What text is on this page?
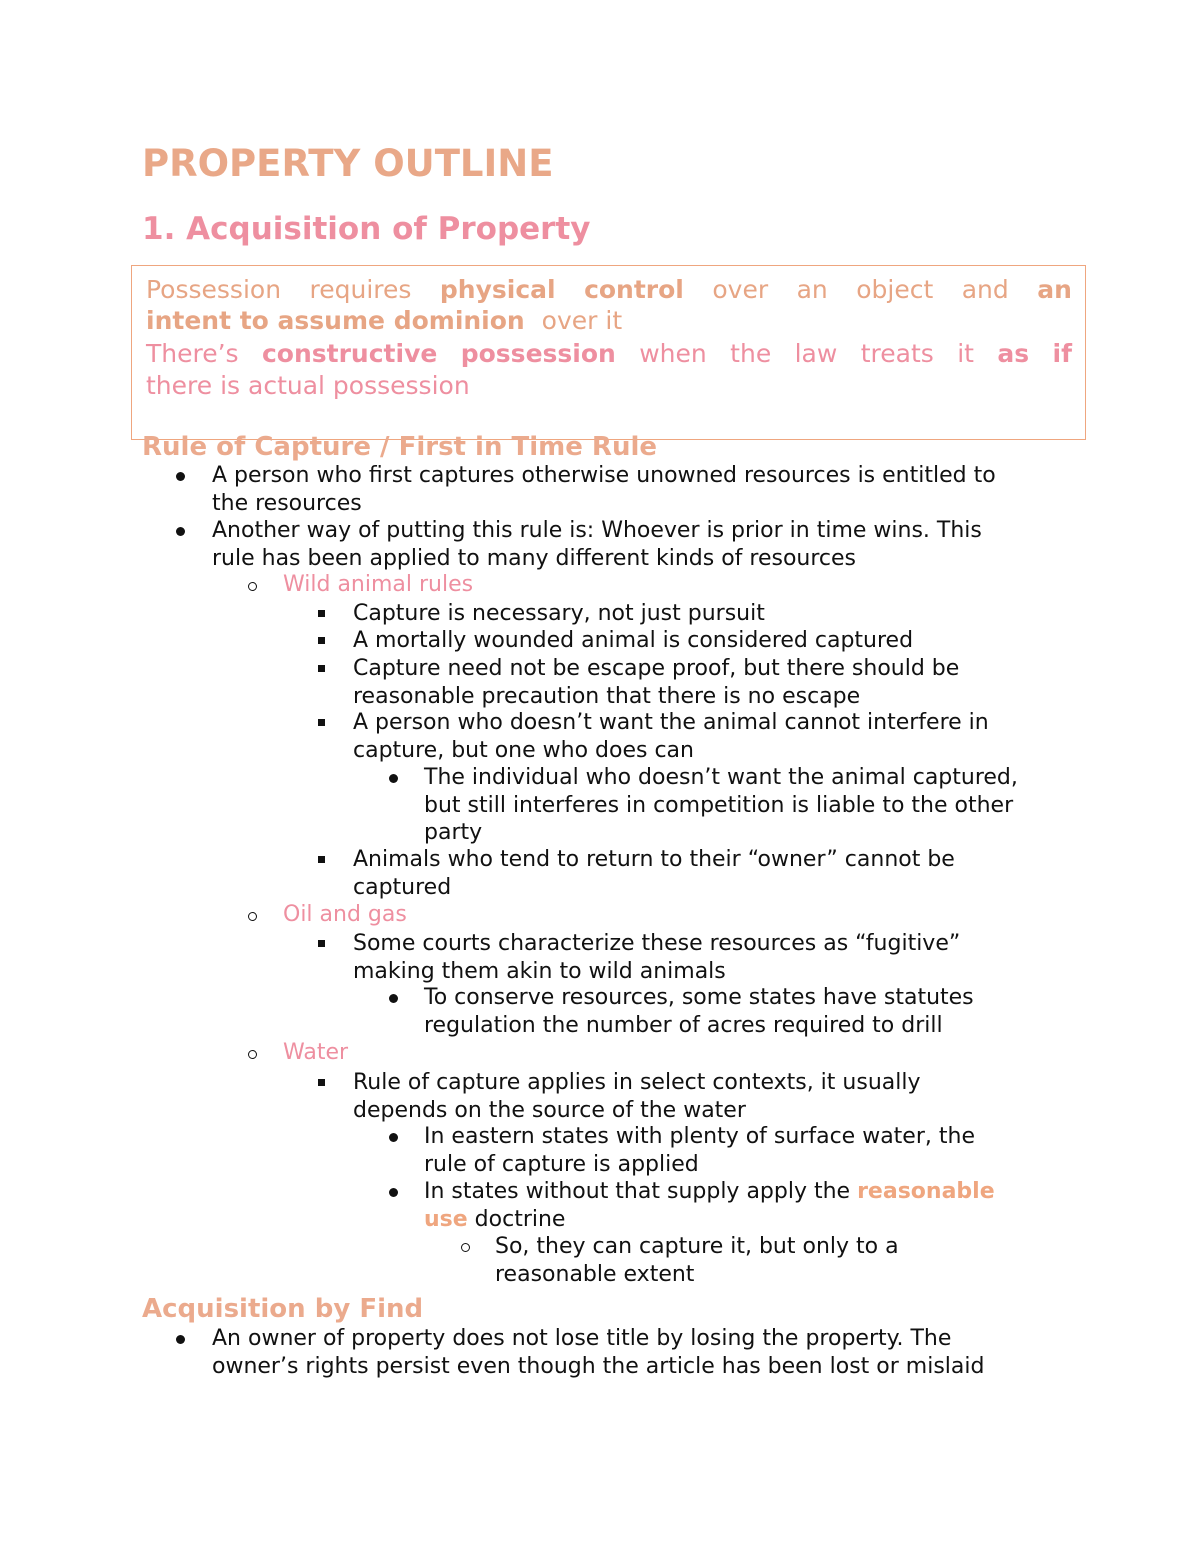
PROPERTY OUTLINE
1. Acquisition of Property

Possession requires physical control over an object and an

intent to assume dominion over it

There’s constructive possession when the law treats it as if

there is actual possession

Rule of Capture / First in Time Rule
A person who first captures otherwise unowned resources is entitled to
the resources
Another way of putting this rule is: Whoever is prior in time wins. This
rule has been applied to many different kinds of resources
Wild animal rules
Capture is necessary, not just pursuit
A mortally wounded animal is considered captured
Capture need not be escape proof, but there should be
reasonable precaution that there is no escape
A person who doesn’t want the animal cannot interfere in
capture, but one who does can
The individual who doesn’t want the animal captured,
but still interferes in competition is liable to the other
party
Animals who tend to return to their “owner” cannot be
captured
Oil and gas
Some courts characterize these resources as “fugitive”
making them akin to wild animals
To conserve resources, some states have statutes
regulation the number of acres required to drill
Water
Rule of capture applies in select contexts, it usually
depends on the source of the water
In eastern states with plenty of surface water, the
rule of capture is applied
In states without that supply apply the reasonable
use doctrine
So, they can capture it, but only to a
reasonable extent
Acquisition by Find
An owner of property does not lose title by losing the property. The
owner’s rights persist even though the article has been lost or mislaid
